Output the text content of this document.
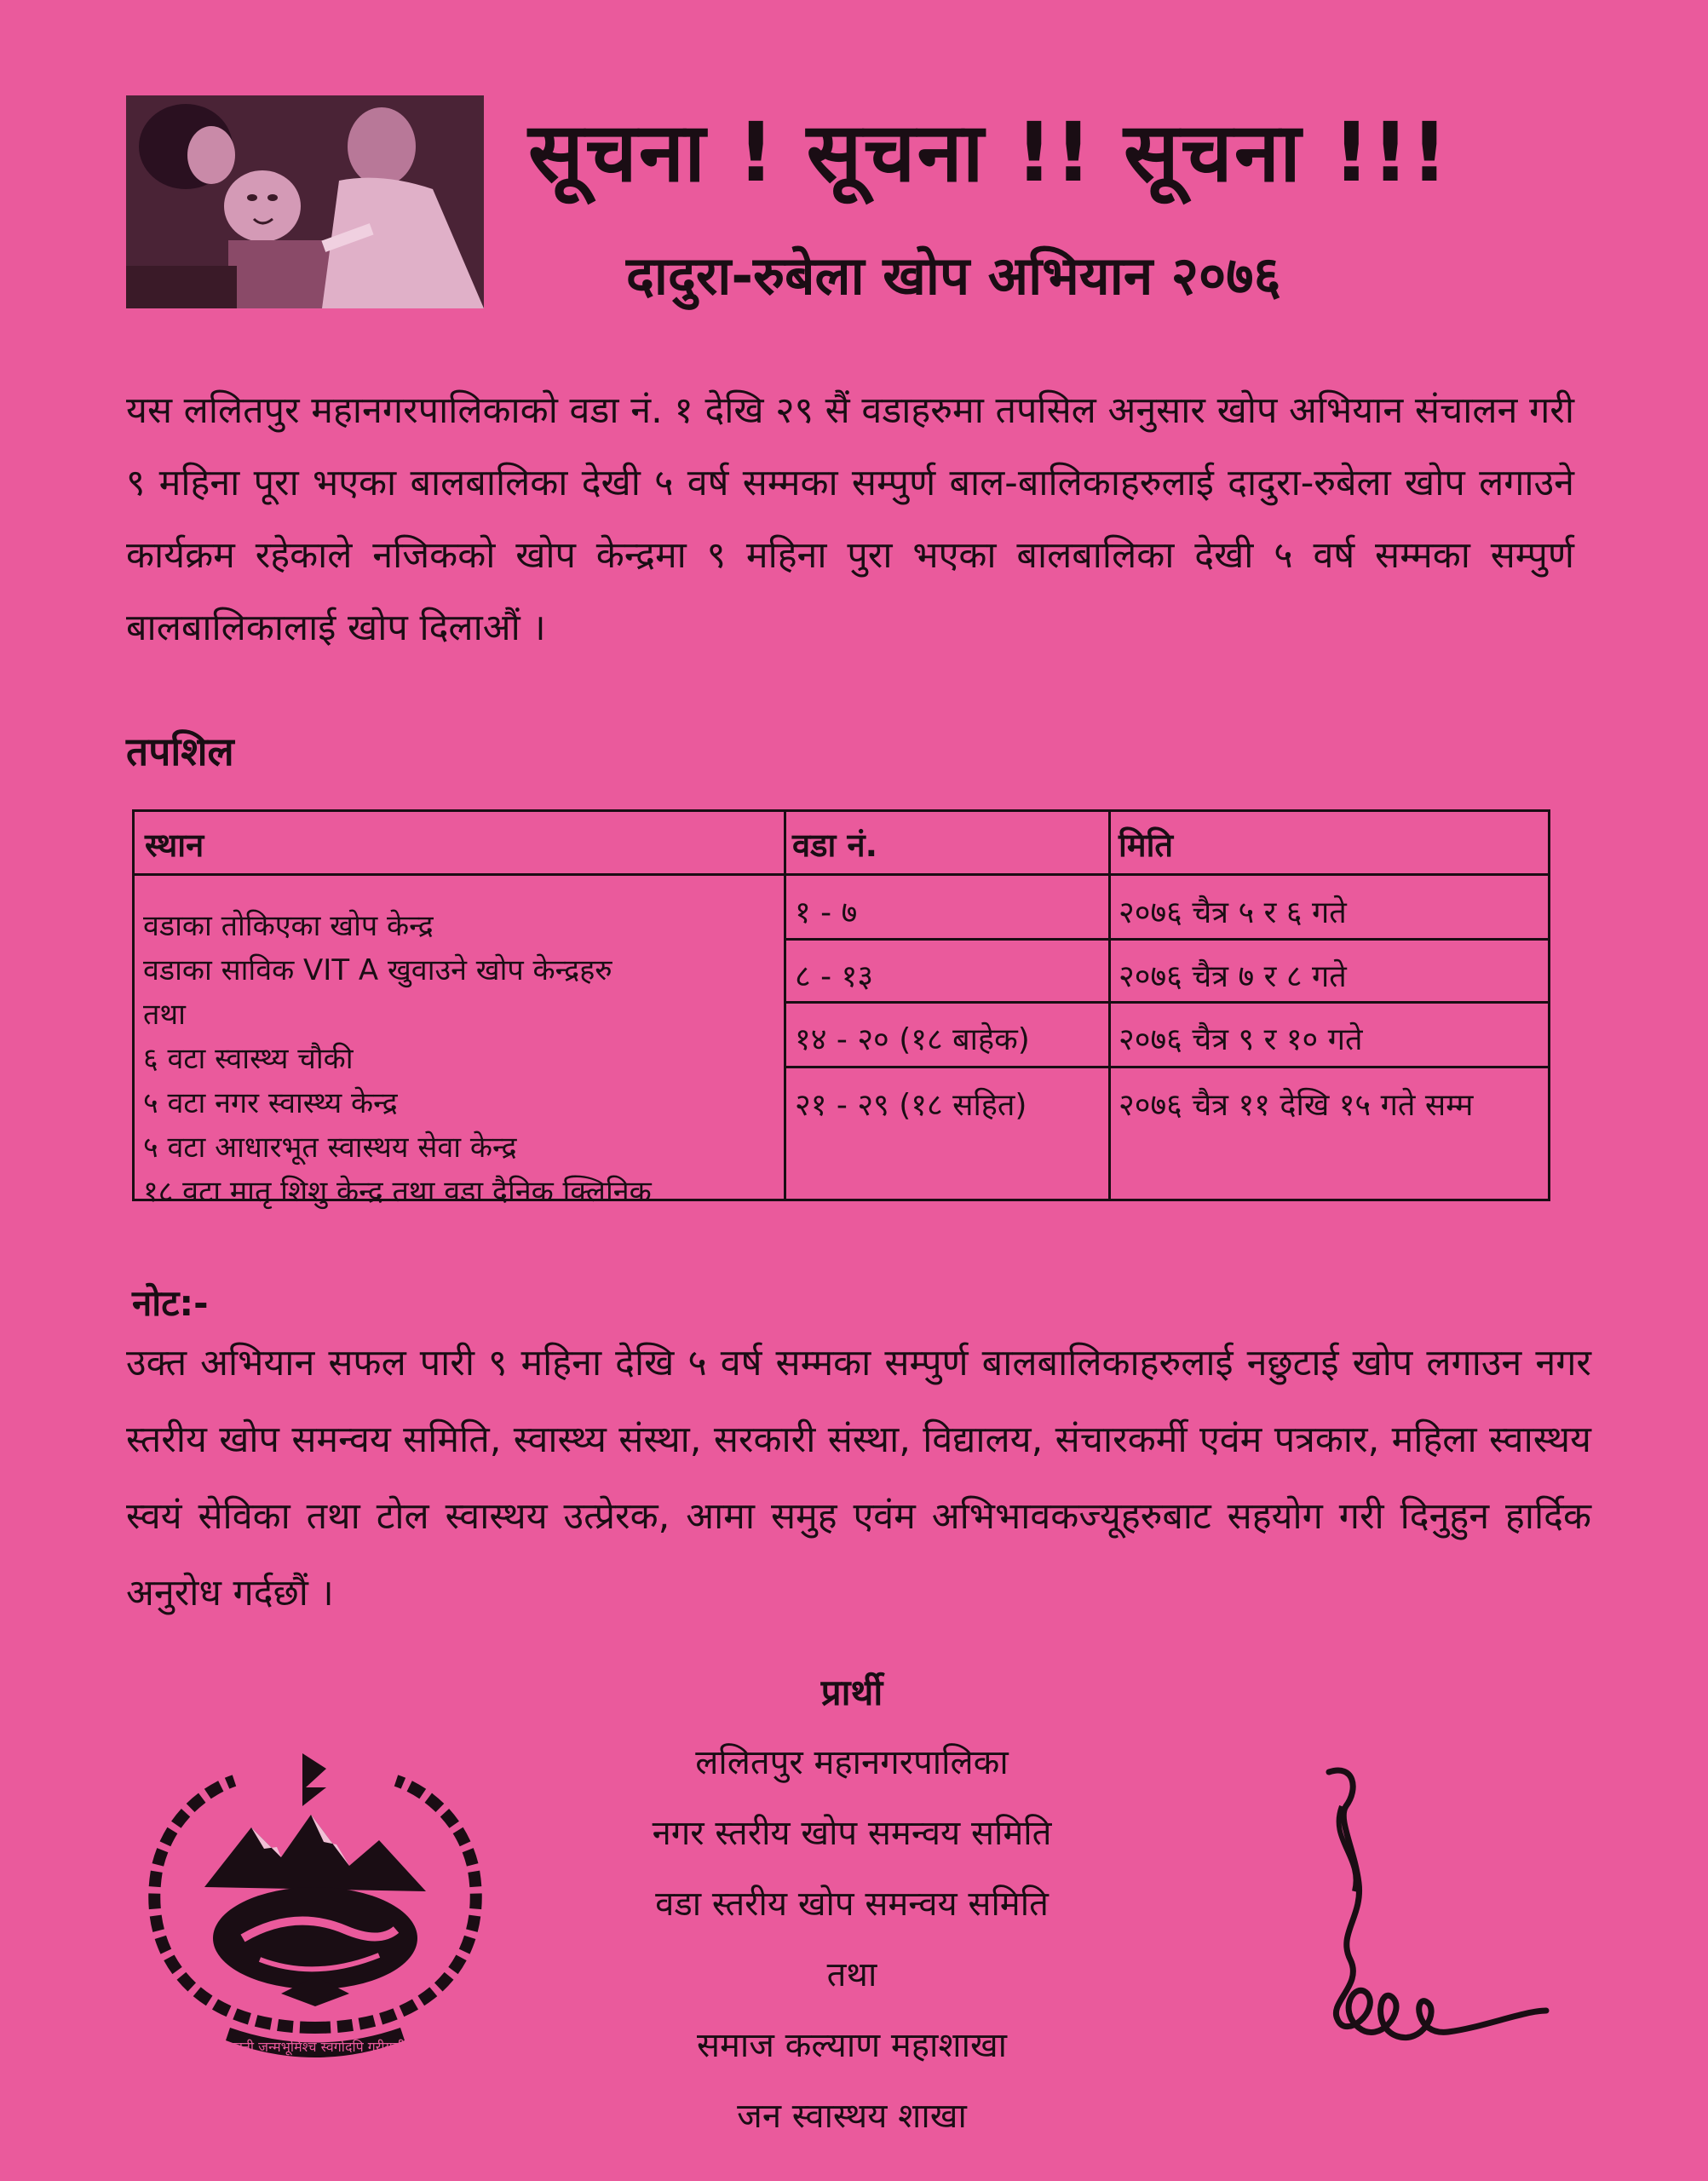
सूचना ! सूचना !! सूचना !!!
दादुरा-रुबेला खोप अभियान २०७६
यस ललितपुर महानगरपालिकाको वडा नं. १ देखि २९ सैं वडाहरुमा तपसिल अनुसार खोप अभियान संचालन गरी ९ महिना पूरा भएका बालबालिका देखी ५ वर्ष सम्मका सम्पुर्ण बाल-बालिकाहरुलाई दादुरा-रुबेला खोप लगाउने कार्यक्रम रहेकाले नजिकको खोप केन्द्रमा ९ महिना पुरा भएका बालबालिका देखी ५ वर्ष सम्मका सम्पुर्ण बालबालिकालाई खोप दिलाऔं ।
तपशिल
स्थान	वडा नं.	मिति
वडाका तोकिएका खोप केन्द्र
वडाका साविक VIT A खुवाउने खोप केन्द्रहरु
तथा
६ वटा स्वास्थ्य चौकी
५ वटा नगर स्वास्थ्य केन्द्र
५ वटा आधारभूत स्वास्थय सेवा केन्द्र
१८ वटा मातृ शिशु केन्द्र तथा वडा दैनिक क्लिनिक
१ - ७	२०७६ चैत्र ५ र ६ गते
८ - १३	२०७६ चैत्र ७ र ८ गते
१४ - २० (१८ बाहेक)	२०७६ चैत्र ९ र १० गते
२१ - २९ (१८ सहित)	२०७६ चैत्र ११ देखि १५ गते सम्म
नोट:-
उक्त अभियान सफल पारी ९ महिना देखि ५ वर्ष सम्मका सम्पुर्ण बालबालिकाहरुलाई नछुटाई खोप लगाउन नगर स्तरीय खोप समन्वय समिति, स्वास्थ्य संस्था, सरकारी संस्था, विद्यालय, संचारकर्मी एवंम पत्रकार, महिला स्वास्थय स्वयं सेविका तथा टोल स्वास्थय उत्प्रेरक, आमा समुह एवंम अभिभावकज्यूहरुबाट सहयोग गरी दिनुहुन हार्दिक अनुरोध गर्दछौं ।
प्रार्थी
ललितपुर महानगरपालिका
नगर स्तरीय खोप समन्वय समिति
वडा स्तरीय खोप समन्वय समिति
तथा
समाज कल्याण महाशाखा
जन स्वास्थय शाखा
जननी जन्मभूमिश्च स्वर्गादपि गरीयसी
